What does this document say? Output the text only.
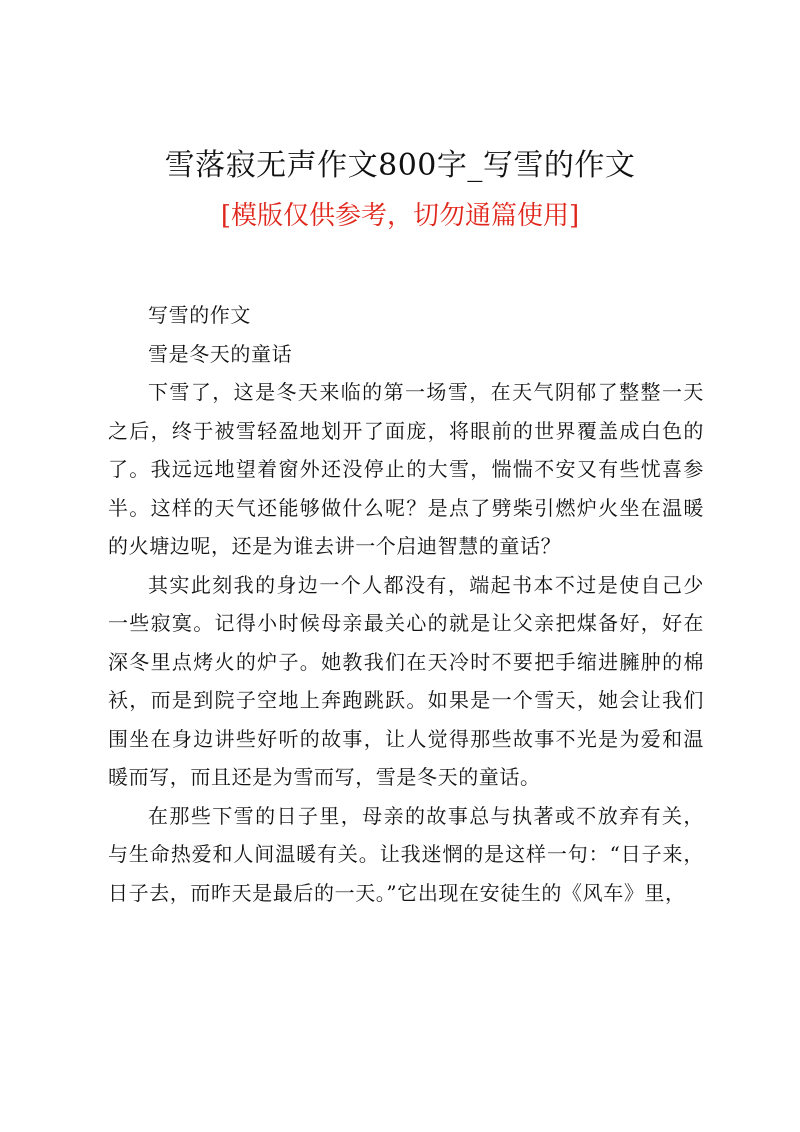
雪落寂无声作文800字_写雪的作文
[模版仅供参考，切勿通篇使用]

写雪的作文

雪是冬天的童话

下雪了，这是冬天来临的第一场雪，在天气阴郁了整整一天之后，终于被雪轻盈地划开了面庞，将眼前的世界覆盖成白色的了。我远远地望着窗外还没停止的大雪，惴惴不安又有些忧喜参半。这样的天气还能够做什么呢？是点了劈柴引燃炉火坐在温暖的火塘边呢，还是为谁去讲一个启迪智慧的童话？

其实此刻我的身边一个人都没有，端起书本不过是使自己少一些寂寞。记得小时候母亲最关心的就是让父亲把煤备好，好在深冬里点烤火的炉子。她教我们在天冷时不要把手缩进臃肿的棉袄，而是到院子空地上奔跑跳跃。如果是一个雪天，她会让我们围坐在身边讲些好听的故事，让人觉得那些故事不光是为爱和温暖而写，而且还是为雪而写，雪是冬天的童话。

在那些下雪的日子里，母亲的故事总与执著或不放弃有关，与生命热爱和人间温暖有关。让我迷惘的是这样一句：“日子来，日子去，而昨天是最后的一天。”它出现在安徒生的《风车》里，
